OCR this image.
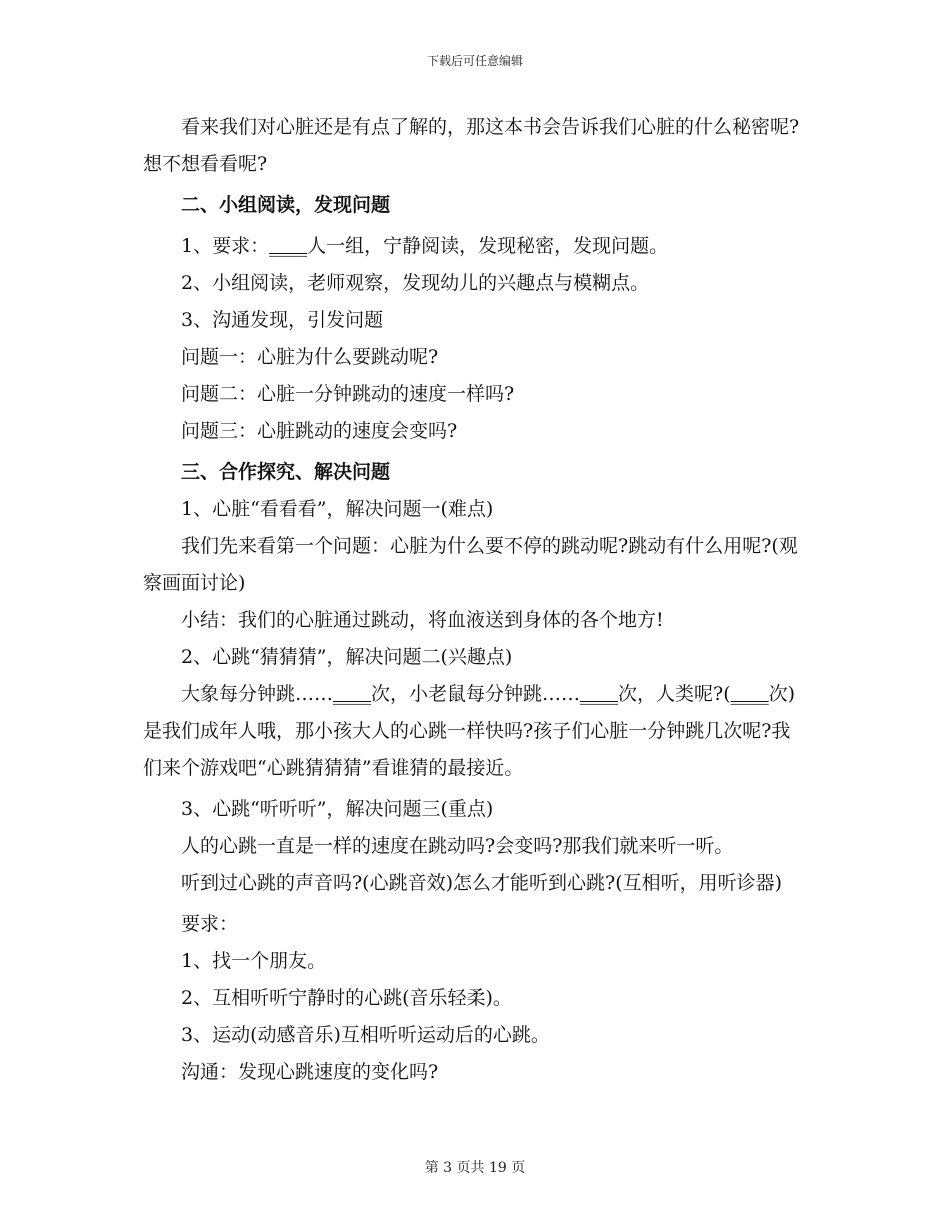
下载后可任意编辑

看来我们对心脏还是有点了解的，那这本书会告诉我们心脏的什么秘密呢?想不想看看呢?

二、小组阅读，发现问题

1、要求：____人一组，宁静阅读，发现秘密，发现问题。

2、小组阅读，老师观察，发现幼儿的兴趣点与模糊点。

3、沟通发现，引发问题

问题一：心脏为什么要跳动呢?

问题二：心脏一分钟跳动的速度一样吗?

问题三：心脏跳动的速度会变吗?

三、合作探究、解决问题

1、心脏“看看看”，解决问题一(难点)

我们先来看第一个问题：心脏为什么要不停的跳动呢?跳动有什么用呢?(观察画面讨论)

小结：我们的心脏通过跳动，将血液送到身体的各个地方!

2、心跳“猜猜猜”，解决问题二(兴趣点)

大象每分钟跳……____次，小老鼠每分钟跳……____次，人类呢?(____次)是我们成年人哦，那小孩大人的心跳一样快吗?孩子们心脏一分钟跳几次呢?我们来个游戏吧“心跳猜猜猜”看谁猜的最接近。

3、心跳“听听听”，解决问题三(重点)

人的心跳一直是一样的速度在跳动吗?会变吗?那我们就来听一听。

听到过心跳的声音吗?(心跳音效)怎么才能听到心跳?(互相听，用听诊器)

要求：

1、找一个朋友。

2、互相听听宁静时的心跳(音乐轻柔)。

3、运动(动感音乐)互相听听运动后的心跳。

沟通：发现心跳速度的变化吗?

第 3 页共 19 页
